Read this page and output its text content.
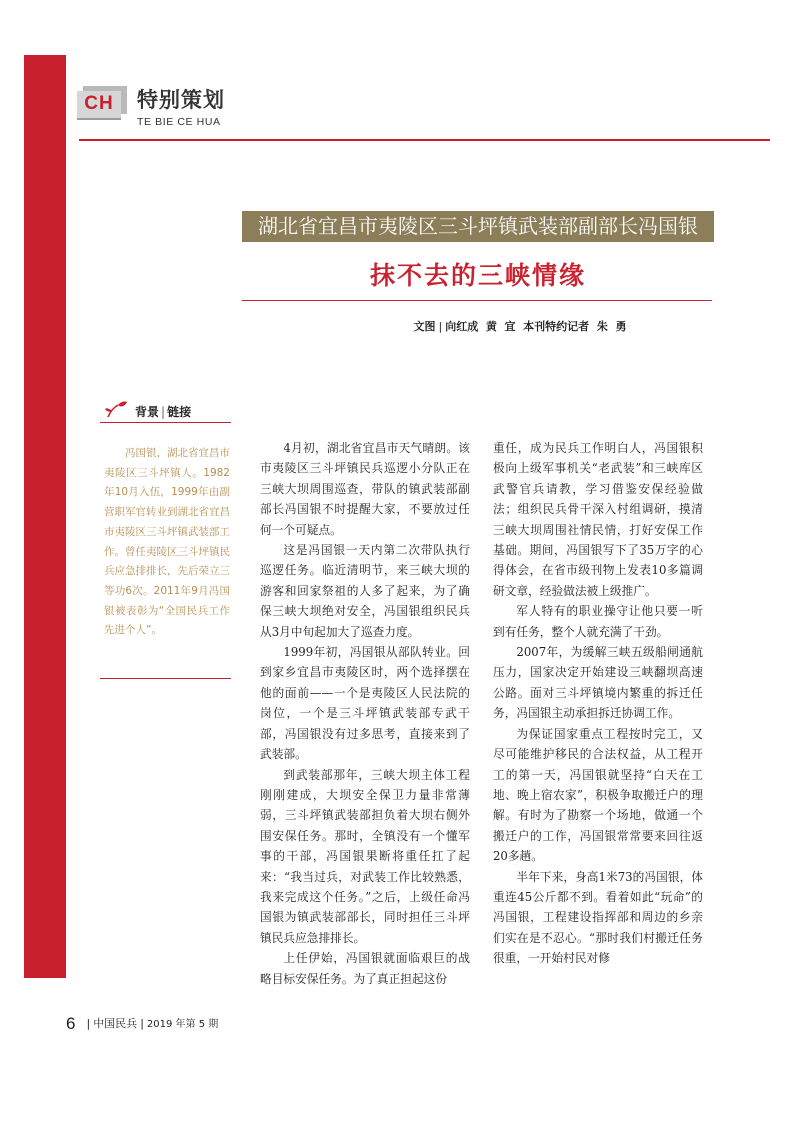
CH	特别策划
TE BIE CE HUA
湖北省宜昌市夷陵区三斗坪镇武装部副部长冯国银
抹不去的三峡情缘
文图 | 向红成  黄  宜  本刊特约记者  朱  勇
背景 | 链接
冯国银，湖北省宜昌市夷陵区三斗坪镇人。1982年10月入伍，1999年由副营职军官转业到湖北省宜昌市夷陵区三斗坪镇武装部工作。曾任夷陵区三斗坪镇民兵应急排排长，先后荣立三等功6次。2011年9月冯国银被表彰为“全国民兵工作先进个人”。

4月初，湖北省宜昌市天气晴朗。该市夷陵区三斗坪镇民兵巡逻小分队正在三峡大坝周围巡查，带队的镇武装部副部长冯国银不时提醒大家，不要放过任何一个可疑点。

这是冯国银一天内第二次带队执行巡逻任务。临近清明节，来三峡大坝的游客和回家祭祖的人多了起来，为了确保三峡大坝绝对安全，冯国银组织民兵从3月中旬起加大了巡查力度。

1999年初，冯国银从部队转业。回到家乡宜昌市夷陵区时，两个选择摆在他的面前——一个是夷陵区人民法院的岗位，一个是三斗坪镇武装部专武干部，冯国银没有过多思考，直接来到了武装部。

到武装部那年，三峡大坝主体工程刚刚建成，大坝安全保卫力量非常薄弱，三斗坪镇武装部担负着大坝右侧外围安保任务。那时，全镇没有一个懂军事的干部，冯国银果断将重任扛了起来：“我当过兵，对武装工作比较熟悉，我来完成这个任务。”之后，上级任命冯国银为镇武装部部长，同时担任三斗坪镇民兵应急排排长。

上任伊始，冯国银就面临艰巨的战略目标安保任务。为了真正担起这份

重任，成为民兵工作明白人，冯国银积极向上级军事机关“老武装”和三峡库区武警官兵请教，学习借鉴安保经验做法；组织民兵骨干深入村组调研，摸清三峡大坝周围社情民情，打好安保工作基础。期间，冯国银写下了35万字的心得体会，在省市级刊物上发表10多篇调研文章，经验做法被上级推广。

军人特有的职业操守让他只要一听到有任务，整个人就充满了干劲。

2007年，为缓解三峡五级船闸通航压力，国家决定开始建设三峡翻坝高速公路。面对三斗坪镇境内繁重的拆迁任务，冯国银主动承担拆迁协调工作。

为保证国家重点工程按时完工，又尽可能维护移民的合法权益，从工程开工的第一天，冯国银就坚持“白天在工地、晚上宿农家”，积极争取搬迁户的理解。有时为了勘察一个场地，做通一个搬迁户的工作，冯国银常常要来回往返20多趟。

半年下来，身高1米73的冯国银，体重连45公斤都不到。看着如此“玩命”的冯国银，工程建设指挥部和周边的乡亲们实在是不忍心。“那时我们村搬迁任务很重，一开始村民对修

6 | 中国民兵 | 2019 年第 5 期
